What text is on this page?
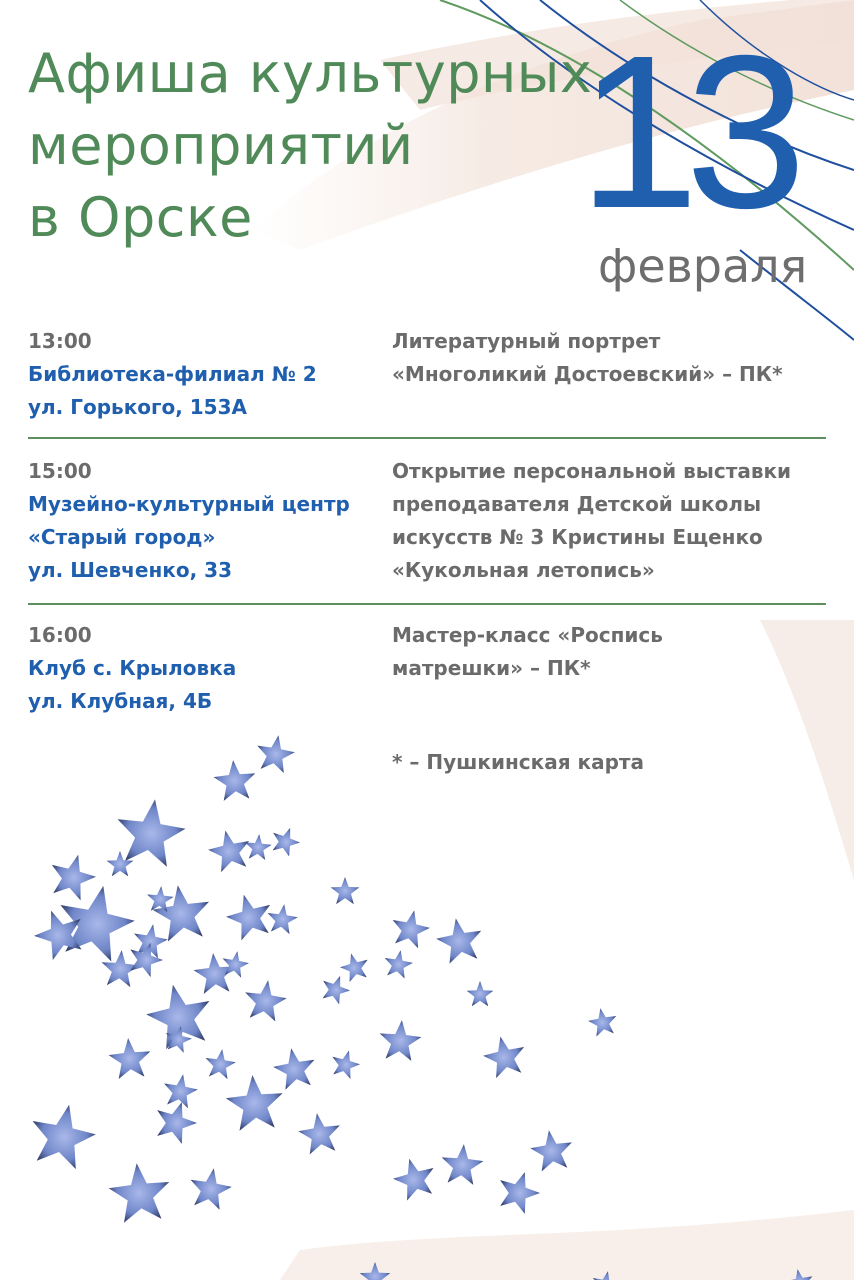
Афиша культурных
мероприятий
в Орске	13
февраля
13:00
Библиотека-филиал № 2
ул. Горького, 153А
Литературный портрет
«Многоликий Достоевский» – ПК*
15:00
Музейно-культурный центр
«Старый город»
ул. Шевченко, 33
Открытие персональной выставки
преподавателя Детской школы
искусств № 3 Кристины Ещенко
«Кукольная летопись»
16:00
Клуб с. Крыловка
ул. Клубная, 4Б
Мастер-класс «Роспись
матрешки» – ПК*
* – Пушкинская карта
